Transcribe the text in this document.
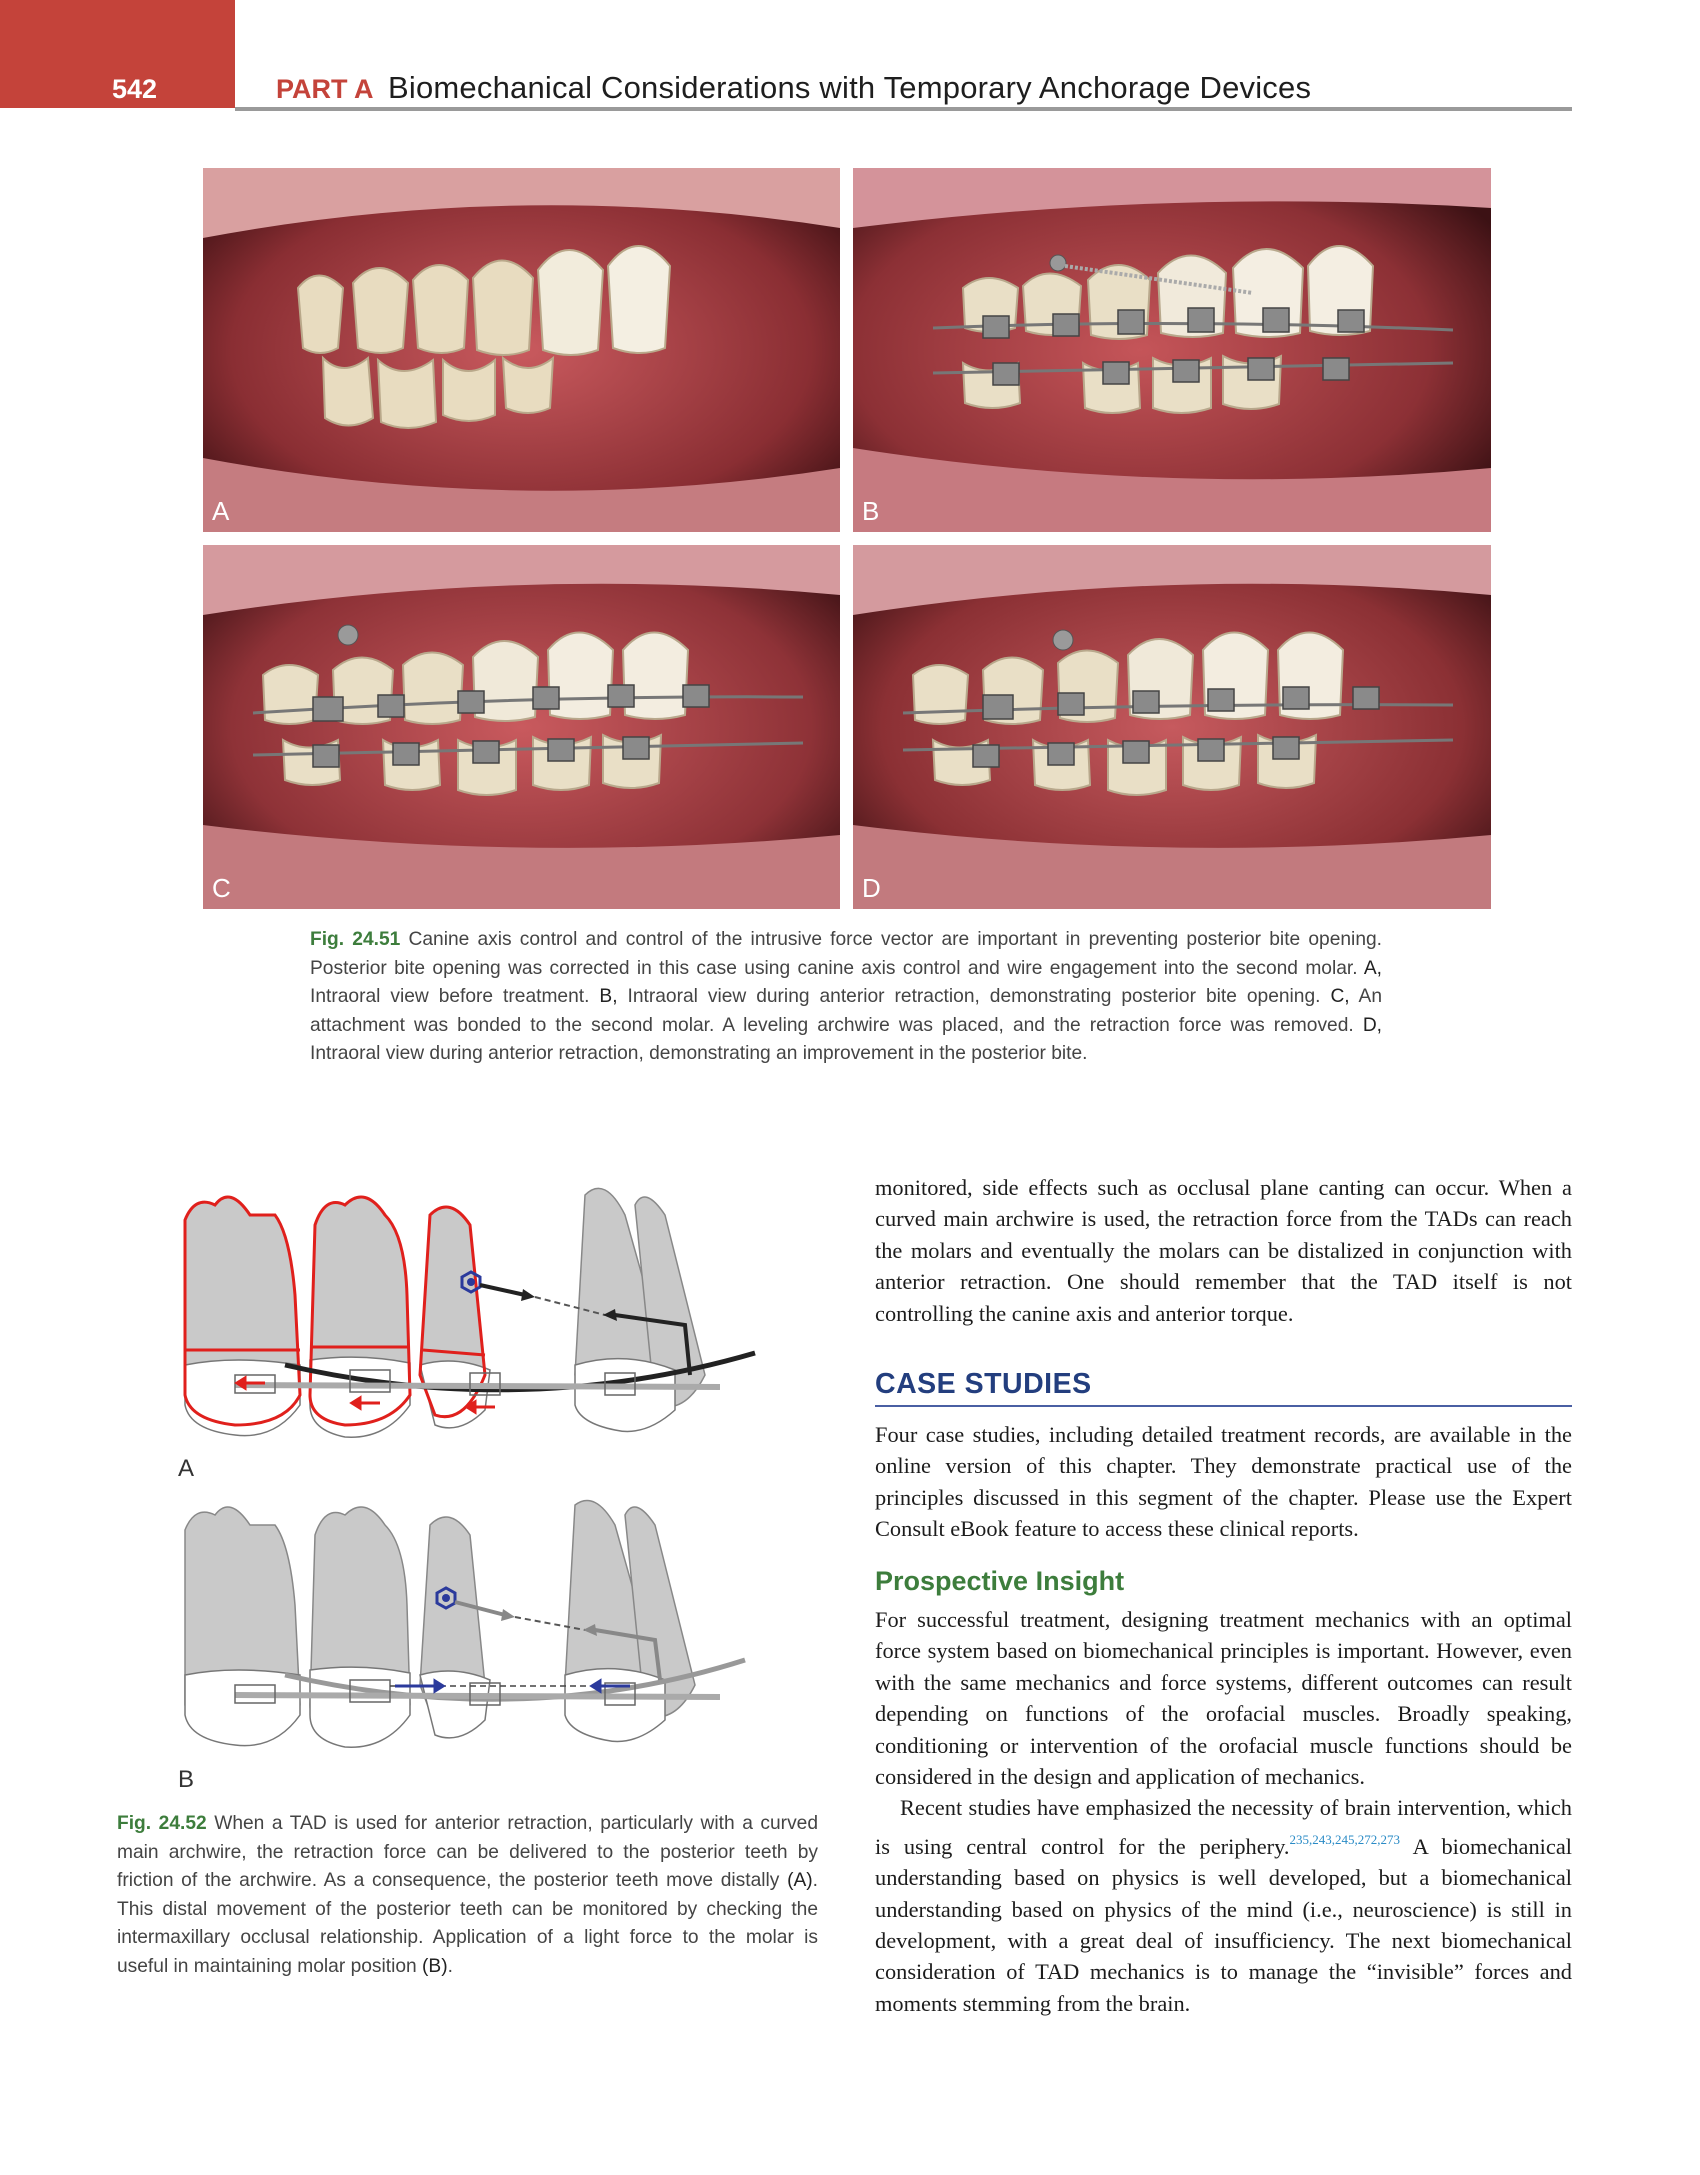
542	PART A Biomechanical Considerations with Temporary Anchorage Devices
A	B
C	D
Fig. 24.51 Canine axis control and control of the intrusive force vector are important in preventing posterior bite opening. Posterior bite opening was corrected in this case using canine axis control and wire engagement into the second molar. A, Intraoral view before treatment. B, Intraoral view during anterior retraction, demonstrating posterior bite opening. C, An attachment was bonded to the second molar. A leveling archwire was placed, and the retraction force was removed. D, Intraoral view during anterior retraction, demonstrating an improvement in the posterior bite.
A
B
Fig. 24.52 When a TAD is used for anterior retraction, particularly with a curved main archwire, the retraction force can be delivered to the posterior teeth by friction of the archwire. As a consequence, the posterior teeth move distally (A). This distal movement of the posterior teeth can be monitored by checking the intermaxillary occlusal relationship. Application of a light force to the molar is useful in maintaining molar position (B).
monitored, side effects such as occlusal plane canting can occur. When a curved main archwire is used, the retraction force from the TADs can reach the molars and eventually the molars can be distalized in conjunction with anterior retraction. One should remember that the TAD itself is not controlling the canine axis and anterior torque.
CASE STUDIES
Four case studies, including detailed treatment records, are available in the online version of this chapter. They demonstrate practical use of the principles discussed in this segment of the chapter. Please use the Expert Consult eBook feature to access these clinical reports.
Prospective Insight

For successful treatment, designing treatment mechanics with an optimal force system based on biomechanical principles is important. However, even with the same mechanics and force systems, different outcomes can result depending on functions of the orofacial muscles. Broadly speaking, conditioning or intervention of the orofacial muscle functions should be considered in the design and application of mechanics.

Recent studies have emphasized the necessity of brain intervention, which is using central control for the periphery.$^{235,243,245,272,273}$ A biomechanical understanding based on physics is well developed, but a biomechanical understanding based on physics of the mind (i.e., neuroscience) is still in development, with a great deal of insufficiency. The next biomechanical consideration of TAD mechanics is to manage the “invisible” forces and moments stemming from the brain.
